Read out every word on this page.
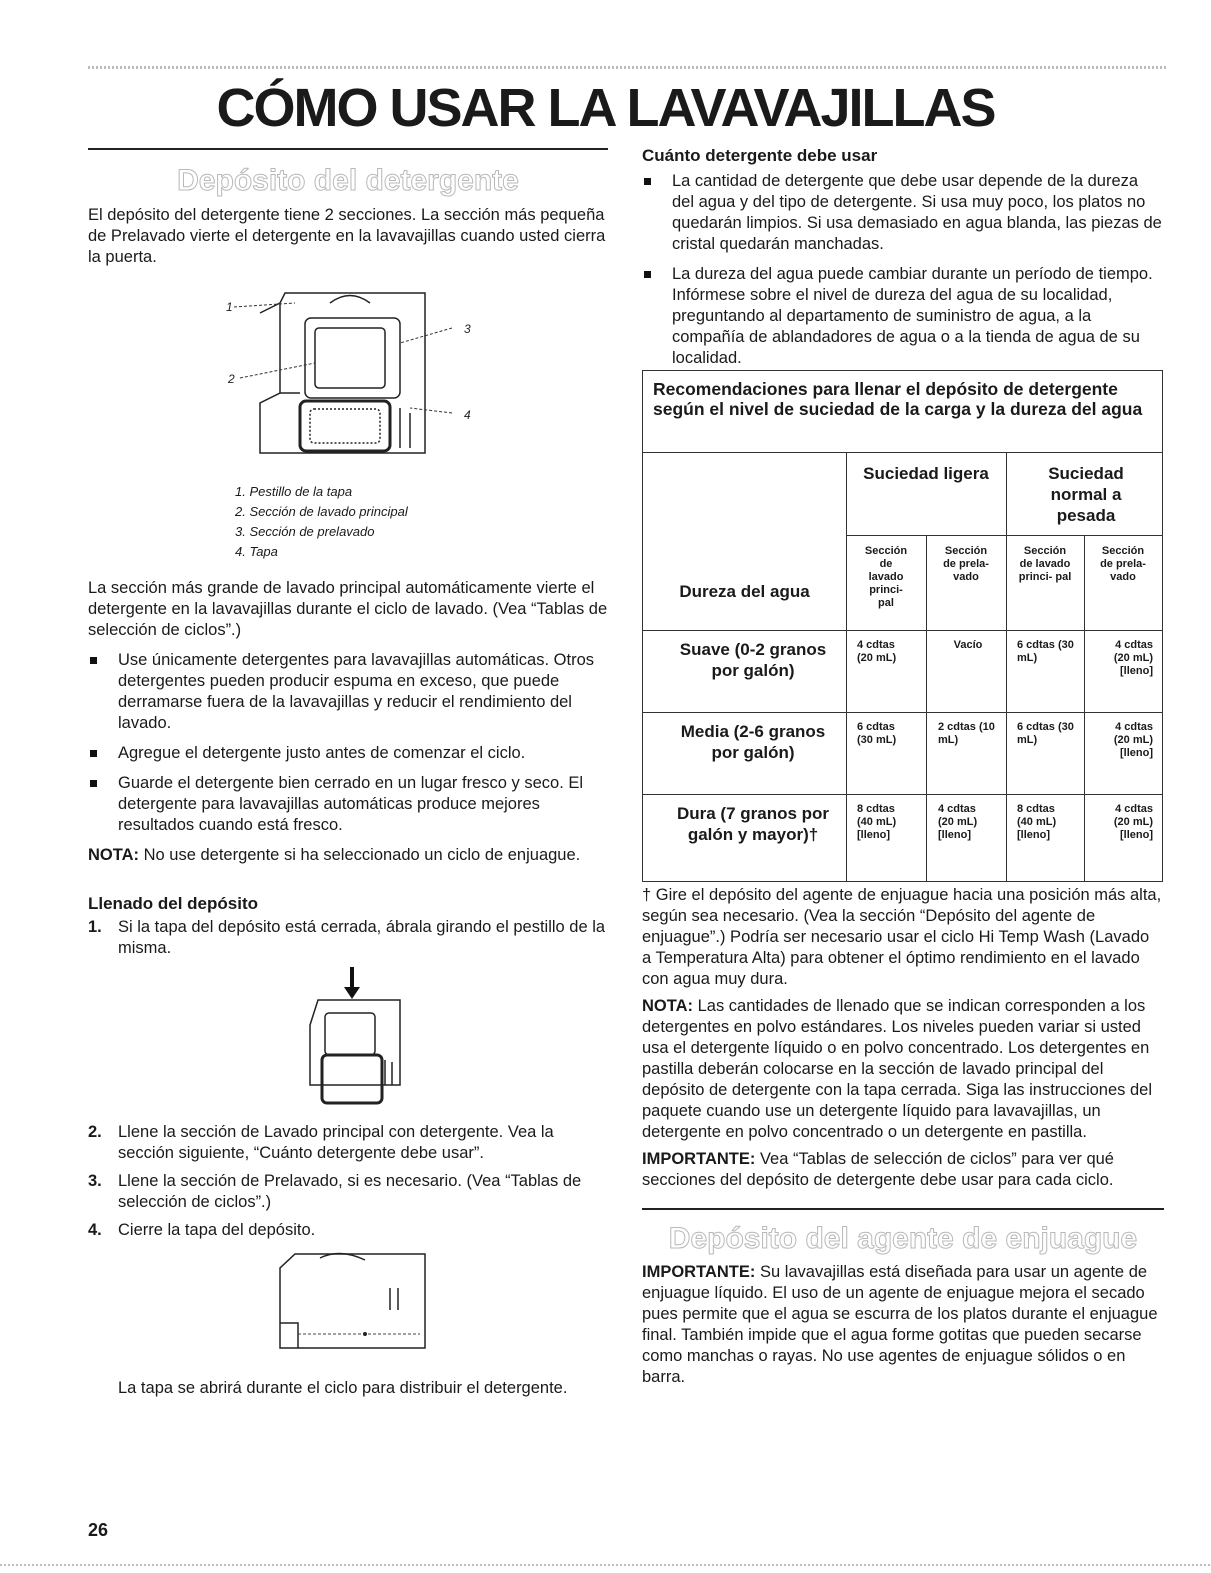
CÓMO USAR LA LAVAVAJILLAS
Depósito del detergente

El depósito del detergente tiene 2 secciones. La sección más pequeña de Prelavado vierte el detergente en la lavavajillas cuando usted cierra la puerta.

1
2
3
4
1. Pestillo de la tapa
2. Sección de lavado principal
3. Sección de prelavado
4. Tapa

La sección más grande de lavado principal automáticamente vierte el detergente en la lavavajillas durante el ciclo de lavado. (Vea “Tablas de selección de ciclos”.)

Use únicamente detergentes para lavavajillas automáticas. Otros detergentes pueden producir espuma en exceso, que puede derramarse fuera de la lavavajillas y reducir el rendimiento del lavado.
Agregue el detergente justo antes de comenzar el ciclo.
Guarde el detergente bien cerrado en un lugar fresco y seco. El detergente para lavavajillas automáticas produce mejores resultados cuando está fresco.

NOTA: No use detergente si ha seleccionado un ciclo de enjuague.

Llenado del depósito
1. Si la tapa del depósito está cerrada, ábrala girando el pestillo de la misma.
2. Llene la sección de Lavado principal con detergente. Vea la sección siguiente, “Cuánto detergente debe usar”.
3. Llene la sección de Prelavado, si es necesario. (Vea “Tablas de selección de ciclos”.)
4. Cierre la tapa del depósito.

La tapa se abrirá durante el ciclo para distribuir el detergente.

Cuánto detergente debe usar
La cantidad de detergente que debe usar depende de la dureza del agua y del tipo de detergente. Si usa muy poco, los platos no quedarán limpios. Si usa demasiado en agua blanda, las piezas de cristal quedarán manchadas.
La dureza del agua puede cambiar durante un período de tiempo. Infórmese sobre el nivel de dureza del agua de su localidad, preguntando al departamento de suministro de agua, a la compañía de ablandadores de agua o a la tienda de agua de su localidad.
Recomendaciones para llenar el depósito de detergente según el nivel de suciedad de la carga y la dureza del agua
Suciedad ligera	Suciedad normal a pesada
Dureza del agua
Sección de lavado princi- pal
Sección de prela- vado
Sección de lavado princi- pal
Sección de prela- vado
Suave (0-2 granos por galón)
4 cdtas (20 mL)
Vacío	6 cdtas (30 mL)
4 cdtas (20 mL) [lleno]
Media (2-6 granos por galón)
6 cdtas (30 mL)
2 cdtas (10 mL)
6 cdtas (30 mL)
4 cdtas (20 mL) [lleno]
Dura (7 granos por galón y mayor)†
8 cdtas (40 mL) [lleno]
4 cdtas (20 mL) [lleno]
8 cdtas (40 mL) [lleno]
4 cdtas (20 mL) [lleno]

† Gire el depósito del agente de enjuague hacia una posición más alta, según sea necesario. (Vea la sección “Depósito del agente de enjuague”.) Podría ser necesario usar el ciclo Hi Temp Wash (Lavado a Temperatura Alta) para obtener el óptimo rendimiento en el lavado con agua muy dura.

NOTA: Las cantidades de llenado que se indican corresponden a los detergentes en polvo estándares. Los niveles pueden variar si usted usa el detergente líquido o en polvo concentrado. Los detergentes en pastilla deberán colocarse en la sección de lavado principal del depósito de detergente con la tapa cerrada. Siga las instrucciones del paquete cuando use un detergente líquido para lavavajillas, un detergente en polvo concentrado o un detergente en pastilla.

IMPORTANTE: Vea “Tablas de selección de ciclos” para ver qué secciones del depósito de detergente debe usar para cada ciclo.

Depósito del agente de enjuague

IMPORTANTE: Su lavavajillas está diseñada para usar un agente de enjuague líquido. El uso de un agente de enjuague mejora el secado pues permite que el agua se escurra de los platos durante el enjuague final. También impide que el agua forme gotitas que pueden secarse como manchas o rayas. No use agentes de enjuague sólidos o en barra.

26
